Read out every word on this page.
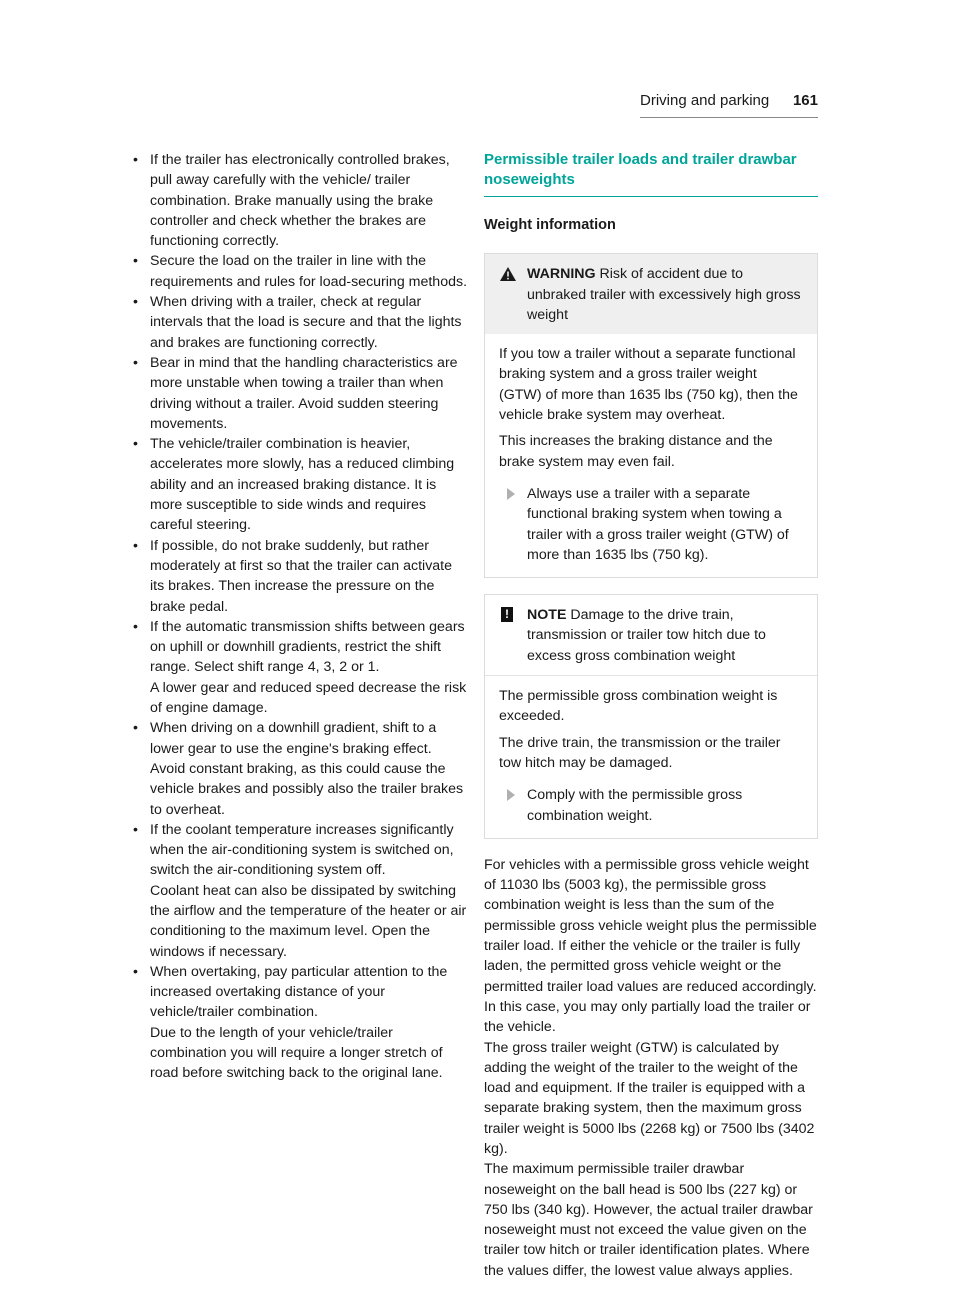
Driving and parking 161

• If the trailer has electronically controlled brakes, pull away carefully with the vehicle/ trailer combination. Brake manually using the brake controller and check whether the brakes are functioning correctly.

• Secure the load on the trailer in line with the requirements and rules for load-securing methods.

• When driving with a trailer, check at regular intervals that the load is secure and that the lights and brakes are functioning correctly.

• Bear in mind that the handling characteristics are more unstable when towing a trailer than when driving without a trailer. Avoid sudden steering movements.

• The vehicle/trailer combination is heavier, accelerates more slowly, has a reduced climbing ability and an increased braking distance. It is more susceptible to side winds and requires careful steering.

• If possible, do not brake suddenly, but rather moderately at first so that the trailer can activate its brakes. Then increase the pressure on the brake pedal.

• If the automatic transmission shifts between gears on uphill or downhill gradients, restrict the shift range. Select shift range 4, 3, 2 or 1.

A lower gear and reduced speed decrease the risk of engine damage.

• When driving on a downhill gradient, shift to a lower gear to use the engine's braking effect.

Avoid constant braking, as this could cause the vehicle brakes and possibly also the trailer brakes to overheat.

• If the coolant temperature increases significantly when the air-conditioning system is switched on, switch the air-conditioning system off.

Coolant heat can also be dissipated by switching the airflow and the temperature of the heater or air conditioning to the maximum level. Open the windows if necessary.

• When overtaking, pay particular attention to the increased overtaking distance of your vehicle/trailer combination.

Due to the length of your vehicle/trailer combination you will require a longer stretch of road before switching back to the original lane.

Permissible trailer loads and trailer drawbar noseweights
Weight information
WARNING Risk of accident due to unbraked trailer with excessively high gross weight

If you tow a trailer without a separate functional braking system and a gross trailer weight (GTW) of more than 1635 lbs (750 kg), then the vehicle brake system may overheat.

This increases the braking distance and the brake system may even fail.

Always use a trailer with a separate functional braking system when towing a trailer with a gross trailer weight (GTW) of more than 1635 lbs (750 kg).
! NOTE Damage to the drive train, transmission or trailer tow hitch due to excess gross combination weight

The permissible gross combination weight is exceeded.

The drive train, the transmission or the trailer tow hitch may be damaged.

Comply with the permissible gross combination weight.

For vehicles with a permissible gross vehicle weight of 11030 lbs (5003 kg), the permissible gross combination weight is less than the sum of the permissible gross vehicle weight plus the permissible trailer load. If either the vehicle or the trailer is fully laden, the permitted gross vehicle weight or the permitted trailer load values are reduced accordingly. In this case, you may only partially load the trailer or the vehicle.

The gross trailer weight (GTW) is calculated by adding the weight of the trailer to the weight of the load and equipment. If the trailer is equipped with a separate braking system, then the maximum gross trailer weight is 5000 lbs (2268 kg) or 7500 lbs (3402 kg).

The maximum permissible trailer drawbar noseweight on the ball head is 500 lbs (227 kg) or 750 lbs (340 kg). However, the actual trailer drawbar noseweight must not exceed the value given on the trailer tow hitch or trailer identification plates. Where the values differ, the lowest value always applies.
